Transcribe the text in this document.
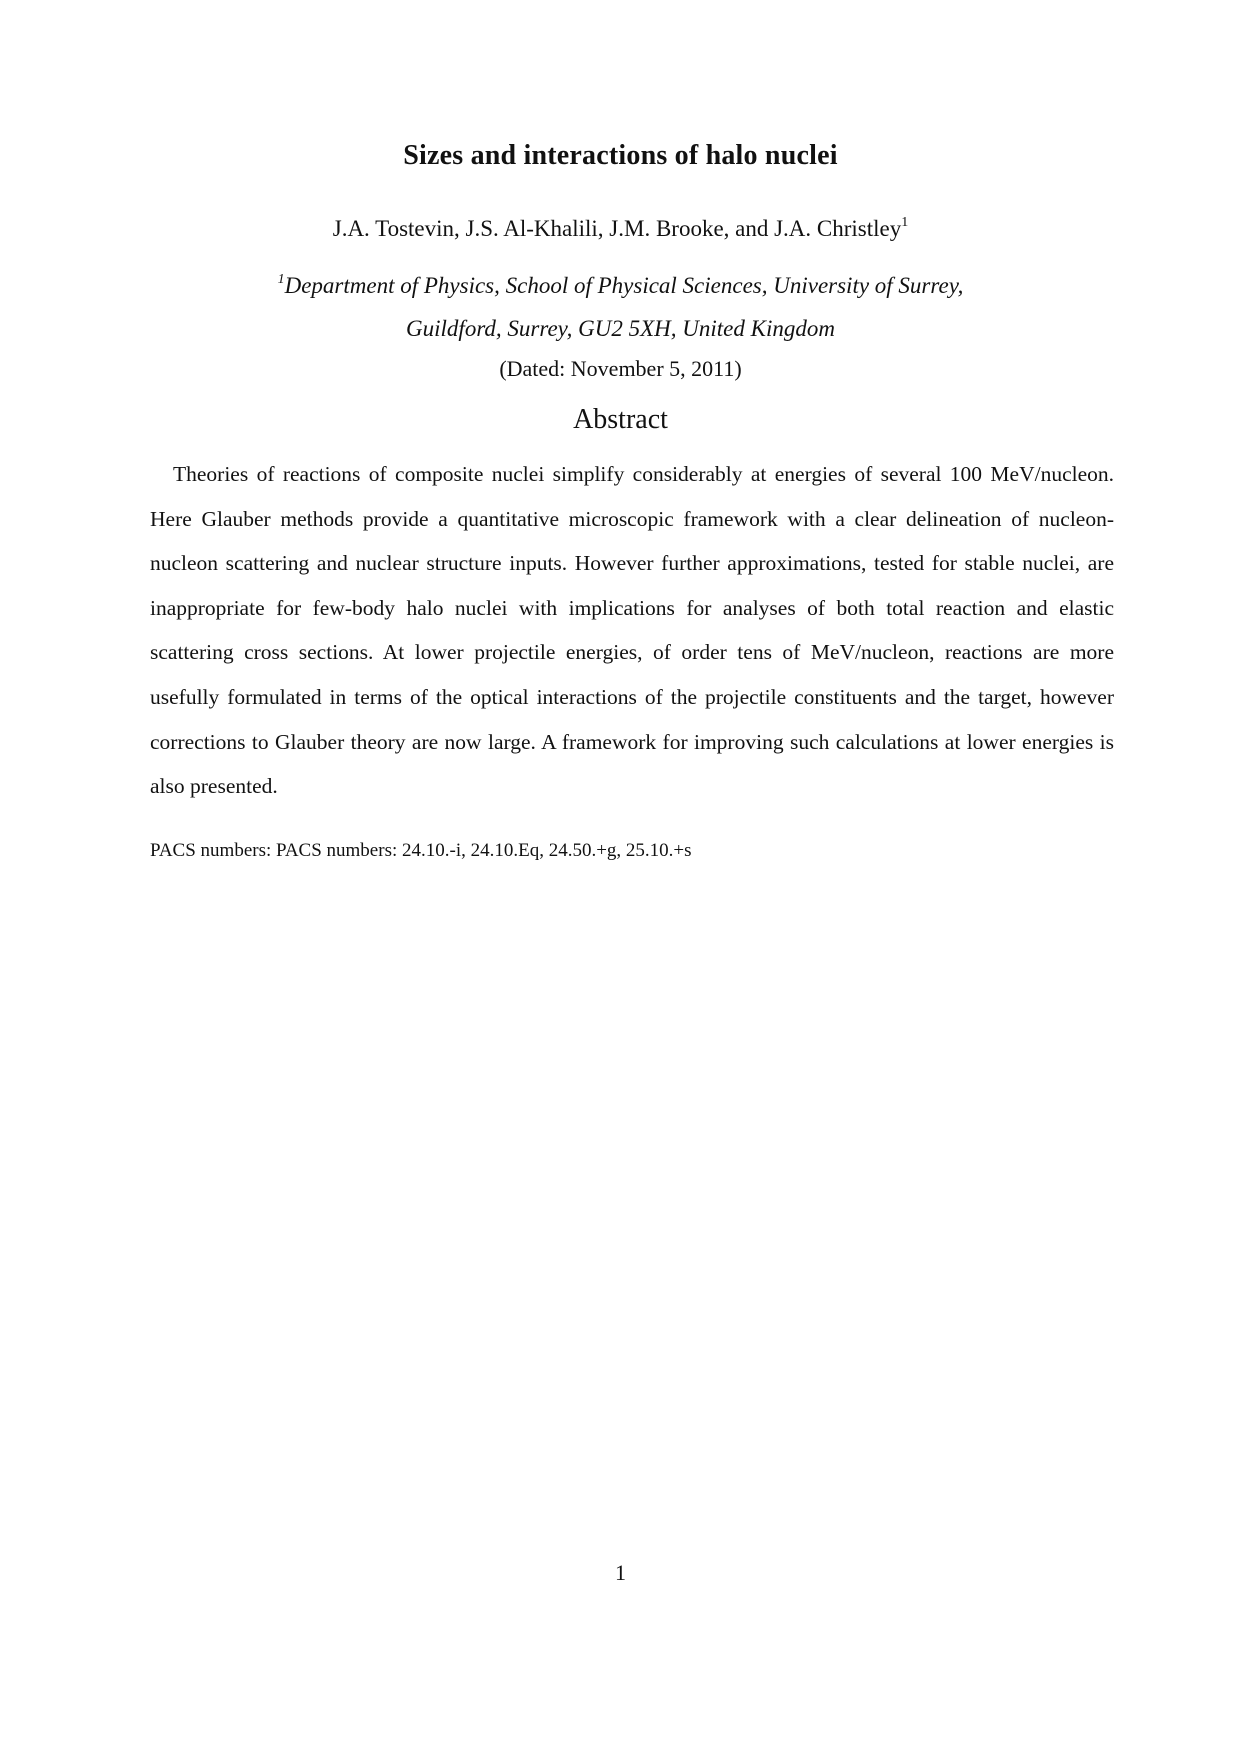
Sizes and interactions of halo nuclei
J.A. Tostevin, J.S. Al-Khalili, J.M. Brooke, and J.A. Christley$^1$
$^1$Department of Physics, School of Physical Sciences, University of Surrey,
Guildford, Surrey, GU2 5XH, United Kingdom
(Dated: November 5, 2011)
Abstract

Theories of reactions of composite nuclei simplify considerably at energies of several 100 MeV/nucleon. Here Glauber methods provide a quantitative microscopic framework with a clear delineation of nucleon-nucleon scattering and nuclear structure inputs. However further approximations, tested for stable nuclei, are inappropriate for few-body halo nuclei with implications for analyses of both total reaction and elastic scattering cross sections. At lower projectile energies, of order tens of MeV/nucleon, reactions are more usefully formulated in terms of the optical interactions of the projectile constituents and the target, however corrections to Glauber theory are now large. A framework for improving such calculations at lower energies is also presented.

PACS numbers: PACS numbers: 24.10.-i, 24.10.Eq, 24.50.+g, 25.10.+s
1
